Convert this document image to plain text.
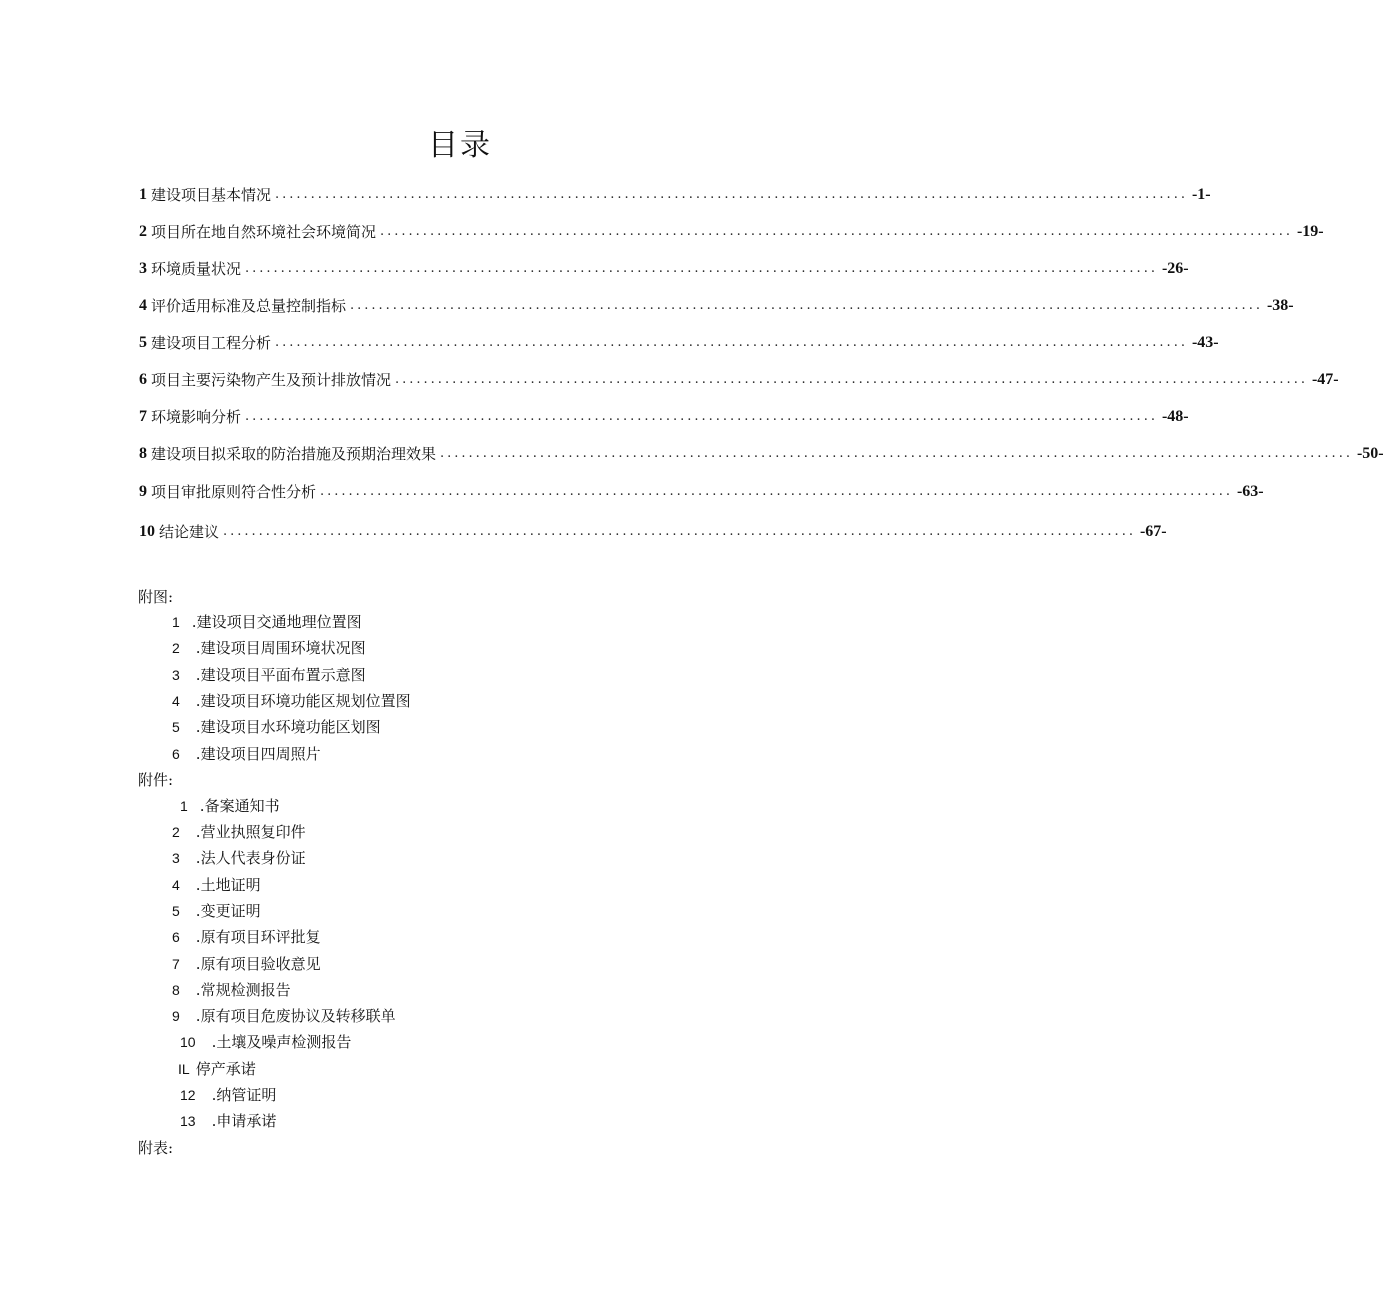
目录
1 建设项目基本情况 ................................................................................................................................ -1-
2 项目所在地自然环境社会环境简况 ................................................................................................................................ -19-
3 环境质量状况 ................................................................................................................................ -26-
4 评价适用标准及总量控制指标 ................................................................................................................................ -38-
5 建设项目工程分析 ................................................................................................................................ -43-
6 项目主要污染物产生及预计排放情况 ................................................................................................................................ -47-
7 环境影响分析 ................................................................................................................................ -48-
8 建设项目拟采取的防治措施及预期治理效果 ................................................................................................................................ -50-
9 项目审批原则符合性分析 ................................................................................................................................ -63-
10 结论建议 ................................................................................................................................ -67-
附图:
1 .建设项目交通地理位置图
2 .建设项目周围环境状况图
3 .建设项目平面布置示意图
4 .建设项目环境功能区规划位置图
5 .建设项目水环境功能区划图
6 .建设项目四周照片
附件:
1 .备案通知书
2 .营业执照复印件
3 .法人代表身份证
4 .土地证明
5 .变更证明
6 .原有项目环评批复
7 .原有项目验收意见
8 .常规检测报告
9 .原有项目危废协议及转移联单
10 .土壤及噪声检测报告
IL 停产承诺
12 .纳管证明
13 .申请承诺
附表:
